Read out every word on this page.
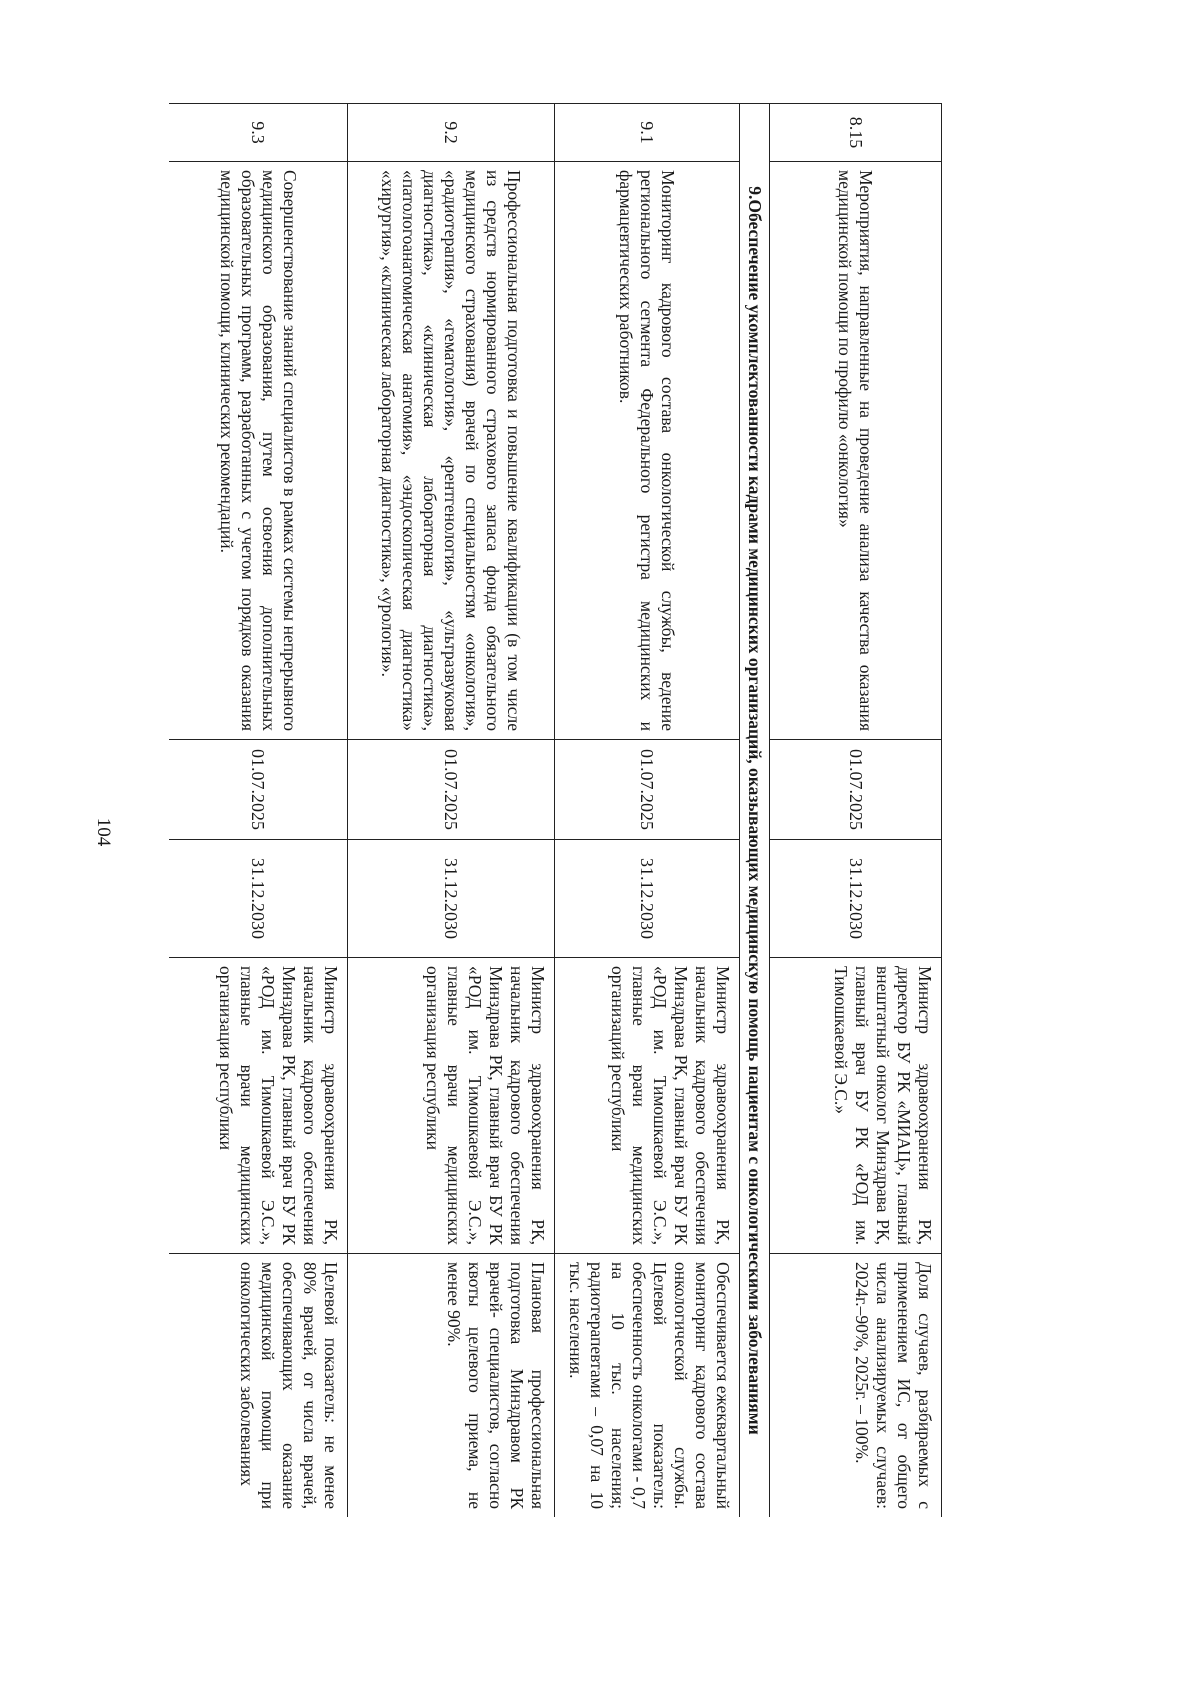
104
8.15	Мероприятия, направленные на проведение анализа качества оказания медицинской помощи по профилю «онкология»	01.07.2025	31.12.2030	Министр здравоохранения РК, директор БУ РК «МИАЦ», главный внештатный онколог Минздрава РК, главный врач БУ РК «РОД им. Тимошкаевой Э.С.»	Доля случаев, разбираемых с применением ИС, от общего числа анализируемых случаев: 2024г.–90%, 2025г. – 100%.
9.Обеспечение укомплектованности кадрами медицинских организаций, оказывающих медицинскую помощь пациентам с онкологическими заболеваниями					
9.1	Мониторинг кадрового состава онкологической службы, ведение регионального сегмента Федерального регистра медицинских и фармацевтических работников.	01.07.2025	31.12.2030	Министр здравоохранения РК, начальник кадрового обеспечения Минздрава РК, главный врач БУ РК «РОД им. Тимошкаевой Э.С.», главные врачи медицинских организаций республики	Обеспечивается ежеквартальный мониторинг кадрового состава онкологической службы. Целевой показатель: обеспеченность онкологами - 0,7 на 10 тыс. населения; радиотерапевтами – 0,07 на 10 тыс. населения.
9.2	Профессиональная подготовка и повышение квалификации (в том числе из средств нормированного страхового запаса фонда обязательного медицинского страхования) врачей по специальностям «онкология», «радиотерапия», «гематология», «рентгенология», «ультразвуковая диагностика», «клиническая лабораторная диагностика», «патологоанатомическая анатомия», «эндоскопическая диагностика» «хирургия», «клиническая лабораторная диагностика», «урология».	01.07.2025	31.12.2030	Министр здравоохранения РК, начальник кадрового обеспечения Минздрава РК, главный врач БУ РК «РОД им. Тимошкаевой Э.С.», главные врачи медицинских организация республики	Плановая профессиональная подготовка Минздравом РК врачей- специалистов, согласно квоты целевого приема, не менее 90%.
9.3	Совершенствование знаний специалистов в рамках системы непрерывного медицинского образования, путем освоения дополнительных образовательных программ, разработанных с учетом порядков оказания медицинской помощи, клинических рекомендаций.	01.07.2025	31.12.2030	Министр здравоохранения РК, начальник кадрового обеспечения Минздрава РК, главный врач БУ РК «РОД им. Тимошкаевой Э.С.», главные врачи медицинских организация республики	Целевой показатель: не менее 80% врачей, от числа врачей, обеспечивающих оказание медицинской помощи при онкологических заболеваниях
